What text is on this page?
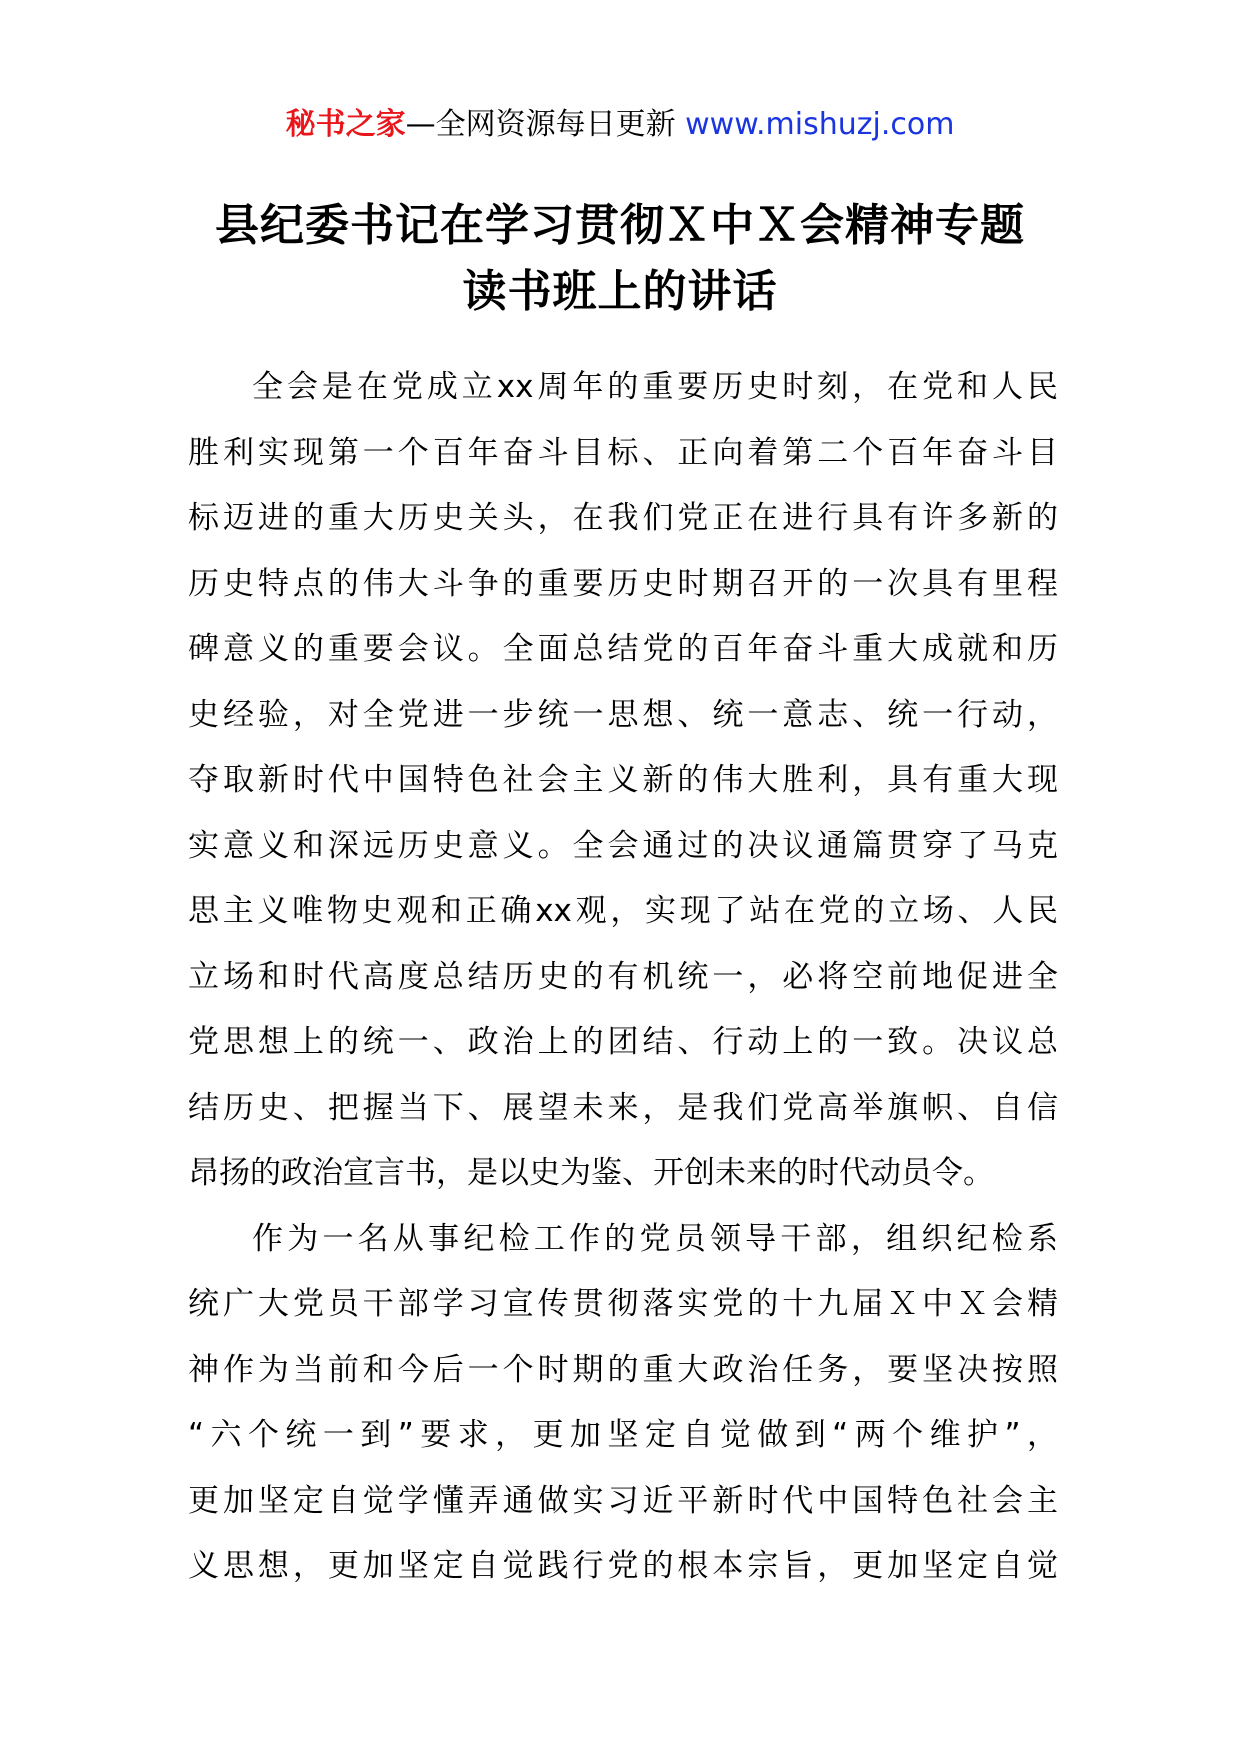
秘书之家—全网资源每日更新 www.mishuzj.com
县纪委书记在学习贯彻Ｘ中Ｘ会精神专题
读书班上的讲话
全会是在党成立xx周年的重要历史时刻，在党和人民
胜利实现第一个百年奋斗目标、正向着第二个百年奋斗目
标迈进的重大历史关头，在我们党正在进行具有许多新的
历史特点的伟大斗争的重要历史时期召开的一次具有里程
碑意义的重要会议。全面总结党的百年奋斗重大成就和历
史经验，对全党进一步统一思想、统一意志、统一行动，
夺取新时代中国特色社会主义新的伟大胜利，具有重大现
实意义和深远历史意义。全会通过的决议通篇贯穿了马克
思主义唯物史观和正确xx观，实现了站在党的立场、人民
立场和时代高度总结历史的有机统一，必将空前地促进全
党思想上的统一、政治上的团结、行动上的一致。决议总
结历史、把握当下、展望未来，是我们党高举旗帜、自信
昂扬的政治宣言书，是以史为鉴、开创未来的时代动员令。
作为一名从事纪检工作的党员领导干部，组织纪检系
统广大党员干部学习宣传贯彻落实党的十九届Ｘ中Ｘ会精
神作为当前和今后一个时期的重大政治任务，要坚决按照
“六个统一到”要求，更加坚定自觉做到“两个维护”，
更加坚定自觉学懂弄通做实习近平新时代中国特色社会主
义思想，更加坚定自觉践行党的根本宗旨，更加坚定自觉
